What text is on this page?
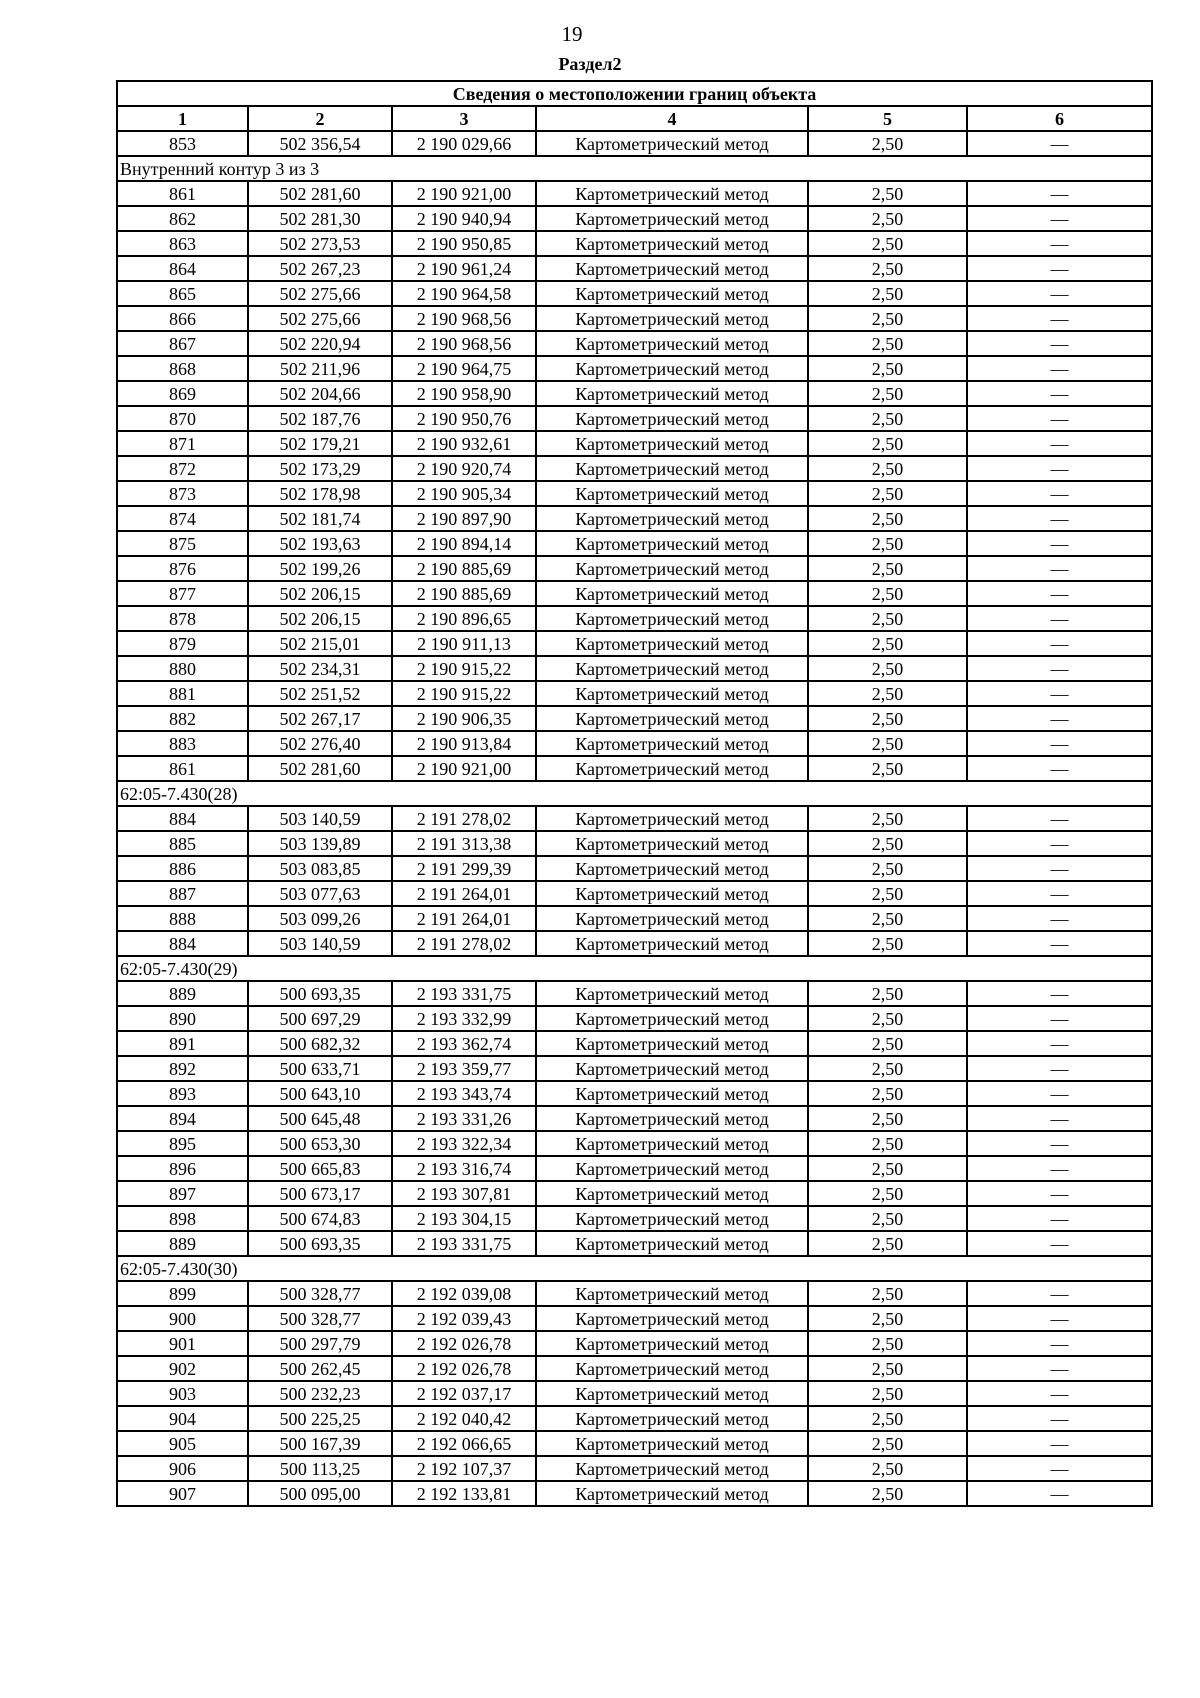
19
Раздел2
Сведения о местоположении границ объекта					
1	2	3	4	5	6
853	502 356,54	2 190 029,66	Картометрический метод	2,50	—
Внутренний контур 3 из 3					
861	502 281,60	2 190 921,00	Картометрический метод	2,50	—
862	502 281,30	2 190 940,94	Картометрический метод	2,50	—
863	502 273,53	2 190 950,85	Картометрический метод	2,50	—
864	502 267,23	2 190 961,24	Картометрический метод	2,50	—
865	502 275,66	2 190 964,58	Картометрический метод	2,50	—
866	502 275,66	2 190 968,56	Картометрический метод	2,50	—
867	502 220,94	2 190 968,56	Картометрический метод	2,50	—
868	502 211,96	2 190 964,75	Картометрический метод	2,50	—
869	502 204,66	2 190 958,90	Картометрический метод	2,50	—
870	502 187,76	2 190 950,76	Картометрический метод	2,50	—
871	502 179,21	2 190 932,61	Картометрический метод	2,50	—
872	502 173,29	2 190 920,74	Картометрический метод	2,50	—
873	502 178,98	2 190 905,34	Картометрический метод	2,50	—
874	502 181,74	2 190 897,90	Картометрический метод	2,50	—
875	502 193,63	2 190 894,14	Картометрический метод	2,50	—
876	502 199,26	2 190 885,69	Картометрический метод	2,50	—
877	502 206,15	2 190 885,69	Картометрический метод	2,50	—
878	502 206,15	2 190 896,65	Картометрический метод	2,50	—
879	502 215,01	2 190 911,13	Картометрический метод	2,50	—
880	502 234,31	2 190 915,22	Картометрический метод	2,50	—
881	502 251,52	2 190 915,22	Картометрический метод	2,50	—
882	502 267,17	2 190 906,35	Картометрический метод	2,50	—
883	502 276,40	2 190 913,84	Картометрический метод	2,50	—
861	502 281,60	2 190 921,00	Картометрический метод	2,50	—
62:05-7.430(28)					
884	503 140,59	2 191 278,02	Картометрический метод	2,50	—
885	503 139,89	2 191 313,38	Картометрический метод	2,50	—
886	503 083,85	2 191 299,39	Картометрический метод	2,50	—
887	503 077,63	2 191 264,01	Картометрический метод	2,50	—
888	503 099,26	2 191 264,01	Картометрический метод	2,50	—
884	503 140,59	2 191 278,02	Картометрический метод	2,50	—
62:05-7.430(29)					
889	500 693,35	2 193 331,75	Картометрический метод	2,50	—
890	500 697,29	2 193 332,99	Картометрический метод	2,50	—
891	500 682,32	2 193 362,74	Картометрический метод	2,50	—
892	500 633,71	2 193 359,77	Картометрический метод	2,50	—
893	500 643,10	2 193 343,74	Картометрический метод	2,50	—
894	500 645,48	2 193 331,26	Картометрический метод	2,50	—
895	500 653,30	2 193 322,34	Картометрический метод	2,50	—
896	500 665,83	2 193 316,74	Картометрический метод	2,50	—
897	500 673,17	2 193 307,81	Картометрический метод	2,50	—
898	500 674,83	2 193 304,15	Картометрический метод	2,50	—
889	500 693,35	2 193 331,75	Картометрический метод	2,50	—
62:05-7.430(30)					
899	500 328,77	2 192 039,08	Картометрический метод	2,50	—
900	500 328,77	2 192 039,43	Картометрический метод	2,50	—
901	500 297,79	2 192 026,78	Картометрический метод	2,50	—
902	500 262,45	2 192 026,78	Картометрический метод	2,50	—
903	500 232,23	2 192 037,17	Картометрический метод	2,50	—
904	500 225,25	2 192 040,42	Картометрический метод	2,50	—
905	500 167,39	2 192 066,65	Картометрический метод	2,50	—
906	500 113,25	2 192 107,37	Картометрический метод	2,50	—
907	500 095,00	2 192 133,81	Картометрический метод	2,50	—
